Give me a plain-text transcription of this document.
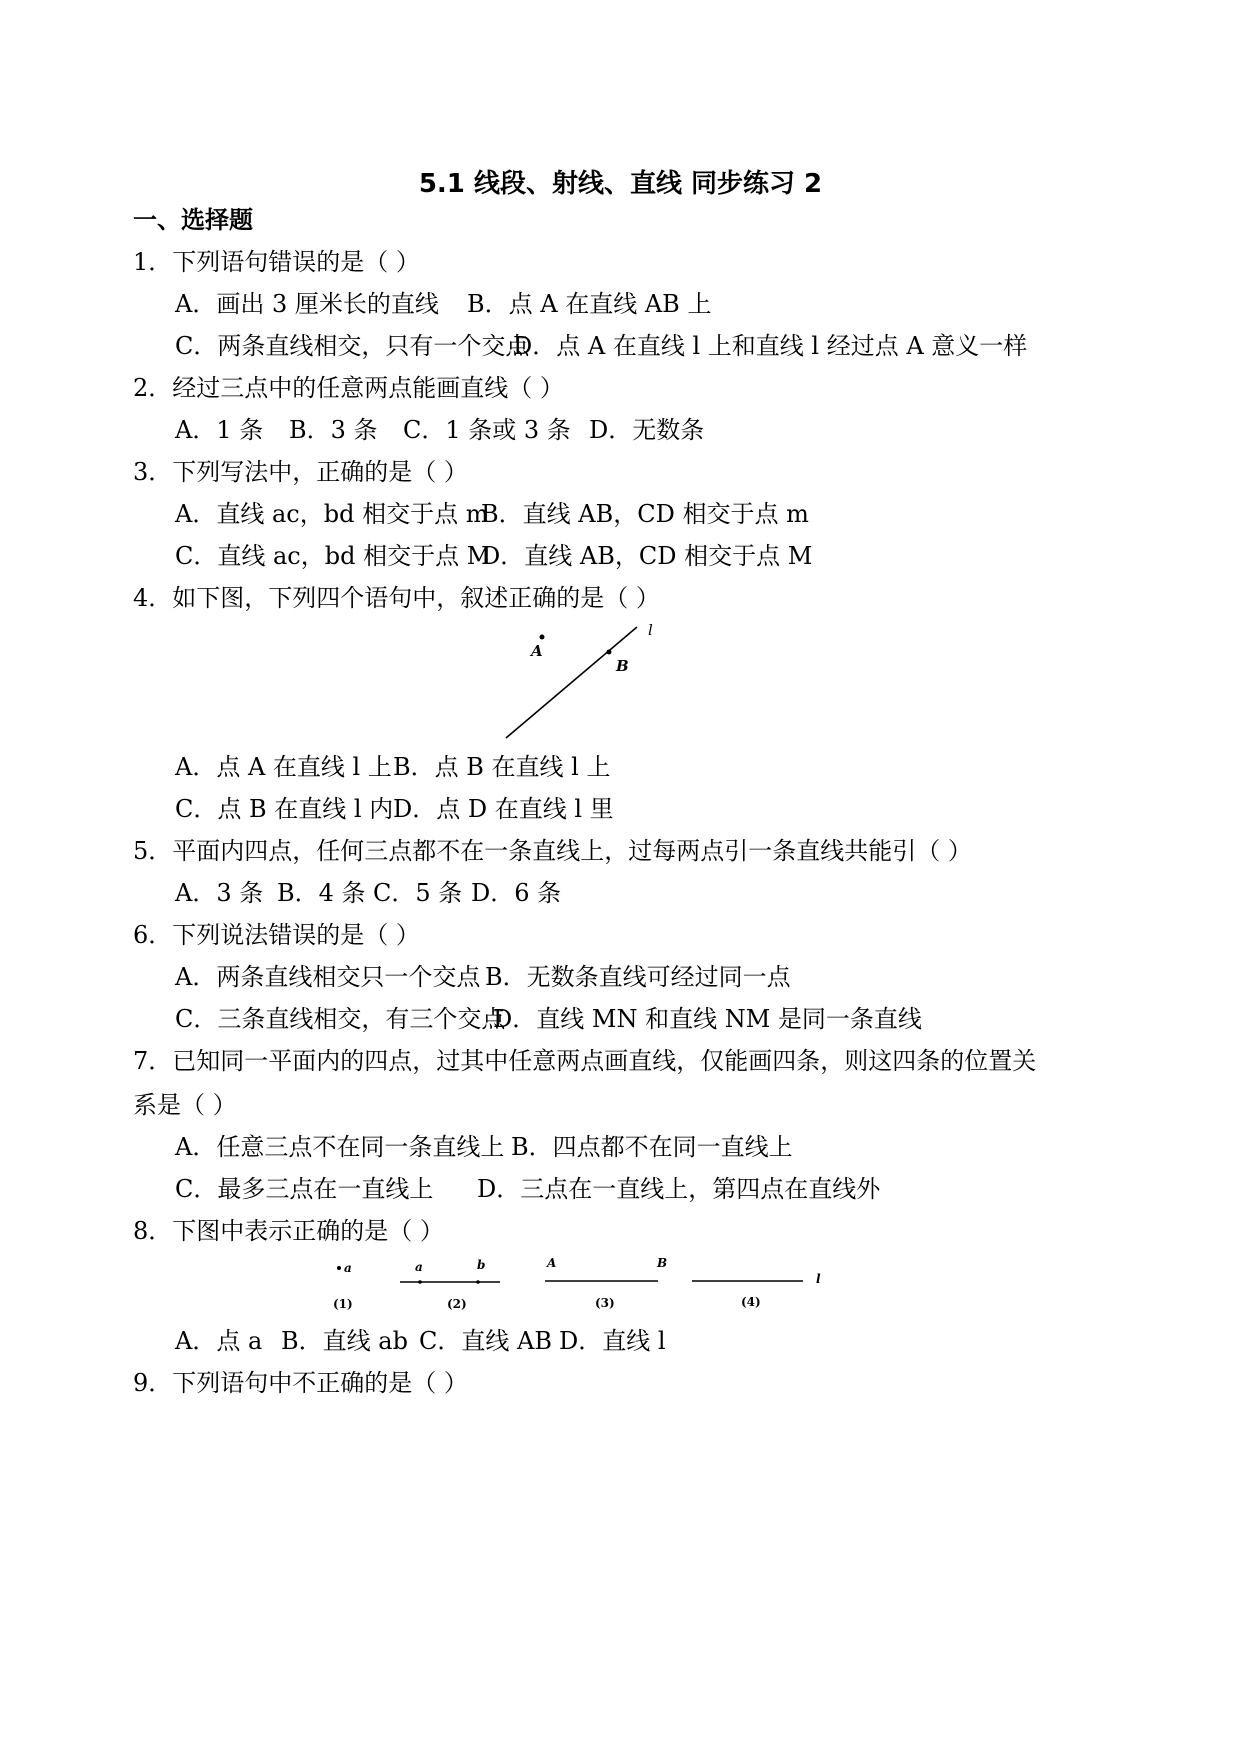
5.1 线段、射线、直线 同步练习 2
一、选择题
1．下列语句错误的是（ ）
A．画出 3 厘米长的直线 B．点 A 在直线 AB 上
C．两条直线相交，只有一个交点
D．点 A 在直线 l 上和直线 l 经过点 A 意义一样
2．经过三点中的任意两点能画直线（ ）
A．1 条 B．3 条 C．1 条或 3 条 D．无数条
3．下列写法中，正确的是（ ）
A．直线 ac，bd 相交于点 m
B．直线 AB，CD 相交于点 m
C．直线 ac，bd 相交于点 M
D．直线 AB，CD 相交于点 M
4．如下图，下列四个语句中，叙述正确的是（ ）
A
B
l
A．点 A 在直线 l 上 B．点 B 在直线 l 上
C．点 B 在直线 l 内 D．点 D 在直线 l 里
5．平面内四点，任何三点都不在一条直线上，过每两点引一条直线共能引（ ）
A．3 条 B．4 条 C．5 条 D．6 条
6．下列说法错误的是（ ）
A．两条直线相交只一个交点 B．无数条直线可经过同一点
C．三条直线相交，有三个交点
D．直线 MN 和直线 NM 是同一条直线
7．已知同一平面内的四点，过其中任意两点画直线，仅能画四条，则这四条的位置关
系是（ ）
A．任意三点不在同一条直线上 B．四点都不在同一直线上
C．最多三点在一直线上 D．三点在一直线上，第四点在直线外
8．下图中表示正确的是（ ）
a
(1)
a	b
(2)
A	B
(3)
l
(4)
A．点 a B．直线 ab C．直线 AB D．直线 l
9．下列语句中不正确的是（ ）
